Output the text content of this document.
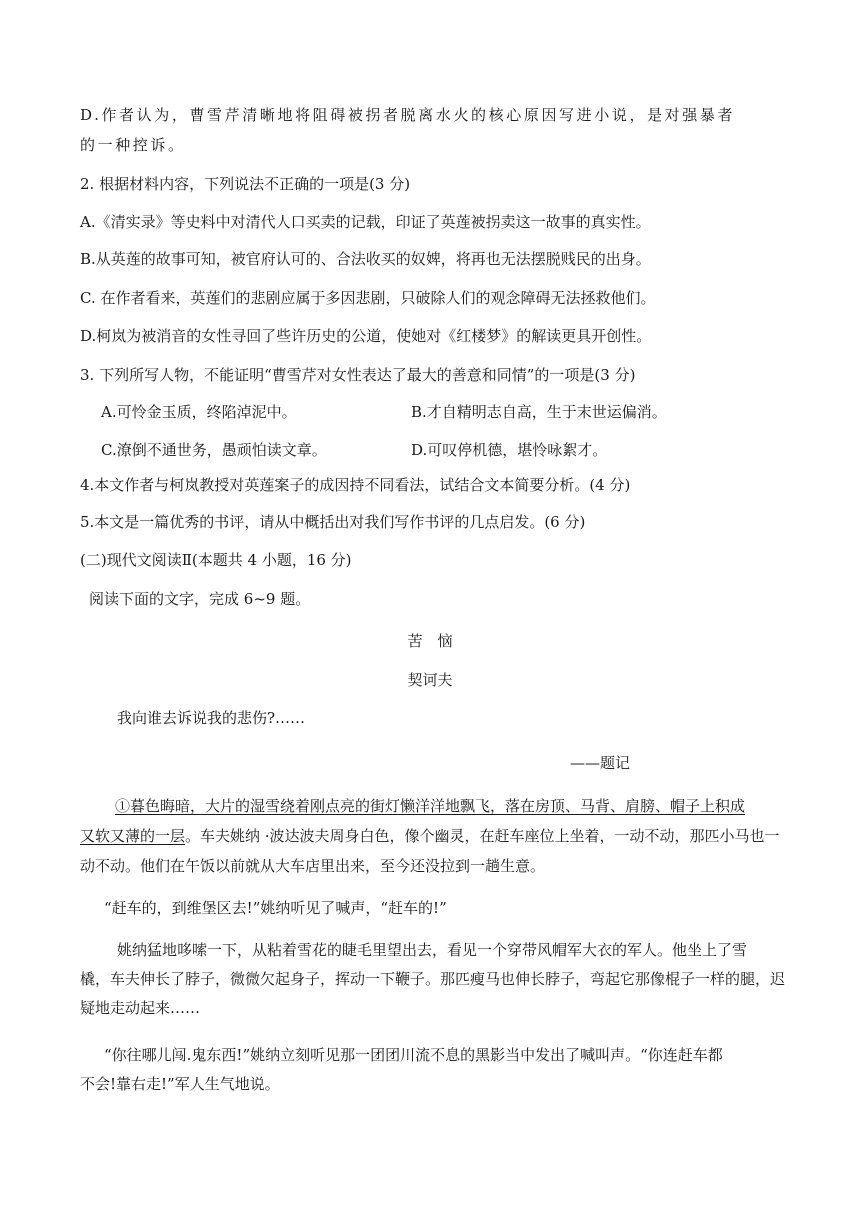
D.作者认为，曹雪芹清晰地将阻碍被拐者脱离水火的核心原因写进小说，是对强暴者
的一种控诉。
2. 根据材料内容，下列说法不正确的一项是(3 分)
A.《清实录》等史料中对清代人口买卖的记载，印证了英莲被拐卖这一故事的真实性。
B.从英莲的故事可知，被官府认可的、合法收买的奴婢，将再也无法摆脱贱民的出身。
C. 在作者看来，英莲们的悲剧应属于多因悲剧，只破除人们的观念障碍无法拯救他们。
D.柯岚为被消音的女性寻回了些许历史的公道，使她对《红楼梦》的解读更具开创性。
3. 下列所写人物，不能证明“曹雪芹对女性表达了最大的善意和同情”的一项是(3 分)
A.可怜金玉质，终陷淖泥中。	B.才自精明志自高，生于末世运偏消。
C.潦倒不通世务，愚顽怕读文章。	D.可叹停机德，堪怜咏絮才。
4.本文作者与柯岚教授对英莲案子的成因持不同看法，试结合文本简要分析。(4 分)
5.本文是一篇优秀的书评，请从中概括出对我们写作书评的几点启发。(6 分)
(二)现代文阅读Ⅱ(本题共 4 小题，16 分)
阅读下面的文字，完成 6~9 题。
苦　恼
契诃夫
我向谁去诉说我的悲伤?……
——题记
①暮色晦暗，大片的湿雪绕着刚点亮的街灯懒洋洋地飘飞，落在房顶、马背、肩膀、帽子上积成
又软又薄的一层。车夫姚纳 ·波达波夫周身白色，像个幽灵，在赶车座位上坐着，一动不动，那匹小马也一
动不动。他们在午饭以前就从大车店里出来，至今还没拉到一趟生意。
“赶车的，到维堡区去!”姚纳听见了喊声，“赶车的!”
姚纳猛地哆嗦一下，从粘着雪花的睫毛里望出去，看见一个穿带风帽军大衣的军人。他坐上了雪
橇，车夫伸长了脖子，微微欠起身子，挥动一下鞭子。那匹瘦马也伸长脖子，弯起它那像棍子一样的腿，迟
疑地走动起来……
“你往哪儿闯.鬼东西!”姚纳立刻听见那一团团川流不息的黑影当中发出了喊叫声。“你连赶车都
不会!靠右走!”军人生气地说。
